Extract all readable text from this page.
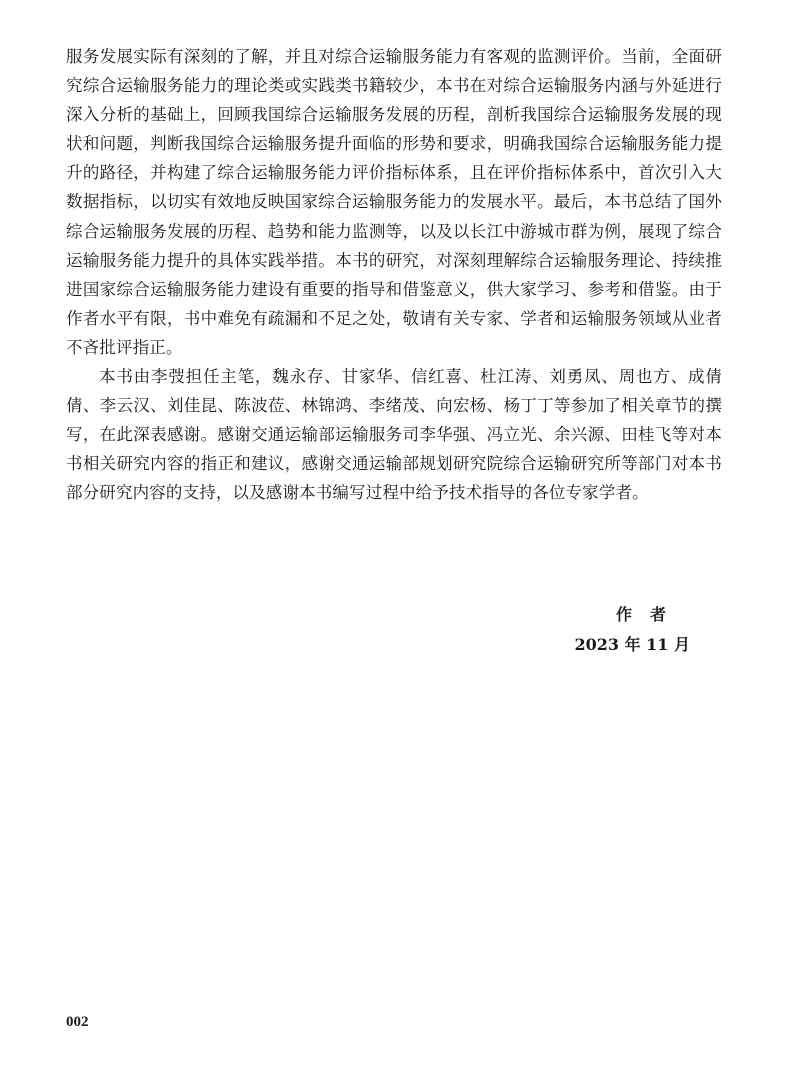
服务发展实际有深刻的了解，并且对综合运输服务能力有客观的监测评价。当前，全面研究综合运输服务能力的理论类或实践类书籍较少，本书在对综合运输服务内涵与外延进行深入分析的基础上，回顾我国综合运输服务发展的历程，剖析我国综合运输服务发展的现状和问题，判断我国综合运输服务提升面临的形势和要求，明确我国综合运输服务能力提升的路径，并构建了综合运输服务能力评价指标体系，且在评价指标体系中，首次引入大数据指标，以切实有效地反映国家综合运输服务能力的发展水平。最后，本书总结了国外综合运输服务发展的历程、趋势和能力监测等，以及以长江中游城市群为例，展现了综合运输服务能力提升的具体实践举措。本书的研究，对深刻理解综合运输服务理论、持续推进国家综合运输服务能力建设有重要的指导和借鉴意义，供大家学习、参考和借鉴。由于作者水平有限，书中难免有疏漏和不足之处，敬请有关专家、学者和运输服务领域从业者不吝批评指正。

本书由李弢担任主笔，魏永存、甘家华、信红喜、杜江涛、刘勇凤、周也方、成倩倩、李云汉、刘佳昆、陈波莅、林锦鸿、李绪茂、向宏杨、杨丁丁等参加了相关章节的撰写，在此深表感谢。感谢交通运输部运输服务司李华强、冯立光、余兴源、田桂飞等对本书相关研究内容的指正和建议，感谢交通运输部规划研究院综合运输研究所等部门对本书部分研究内容的支持，以及感谢本书编写过程中给予技术指导的各位专家学者。

作者
2023 年 11 月
002
